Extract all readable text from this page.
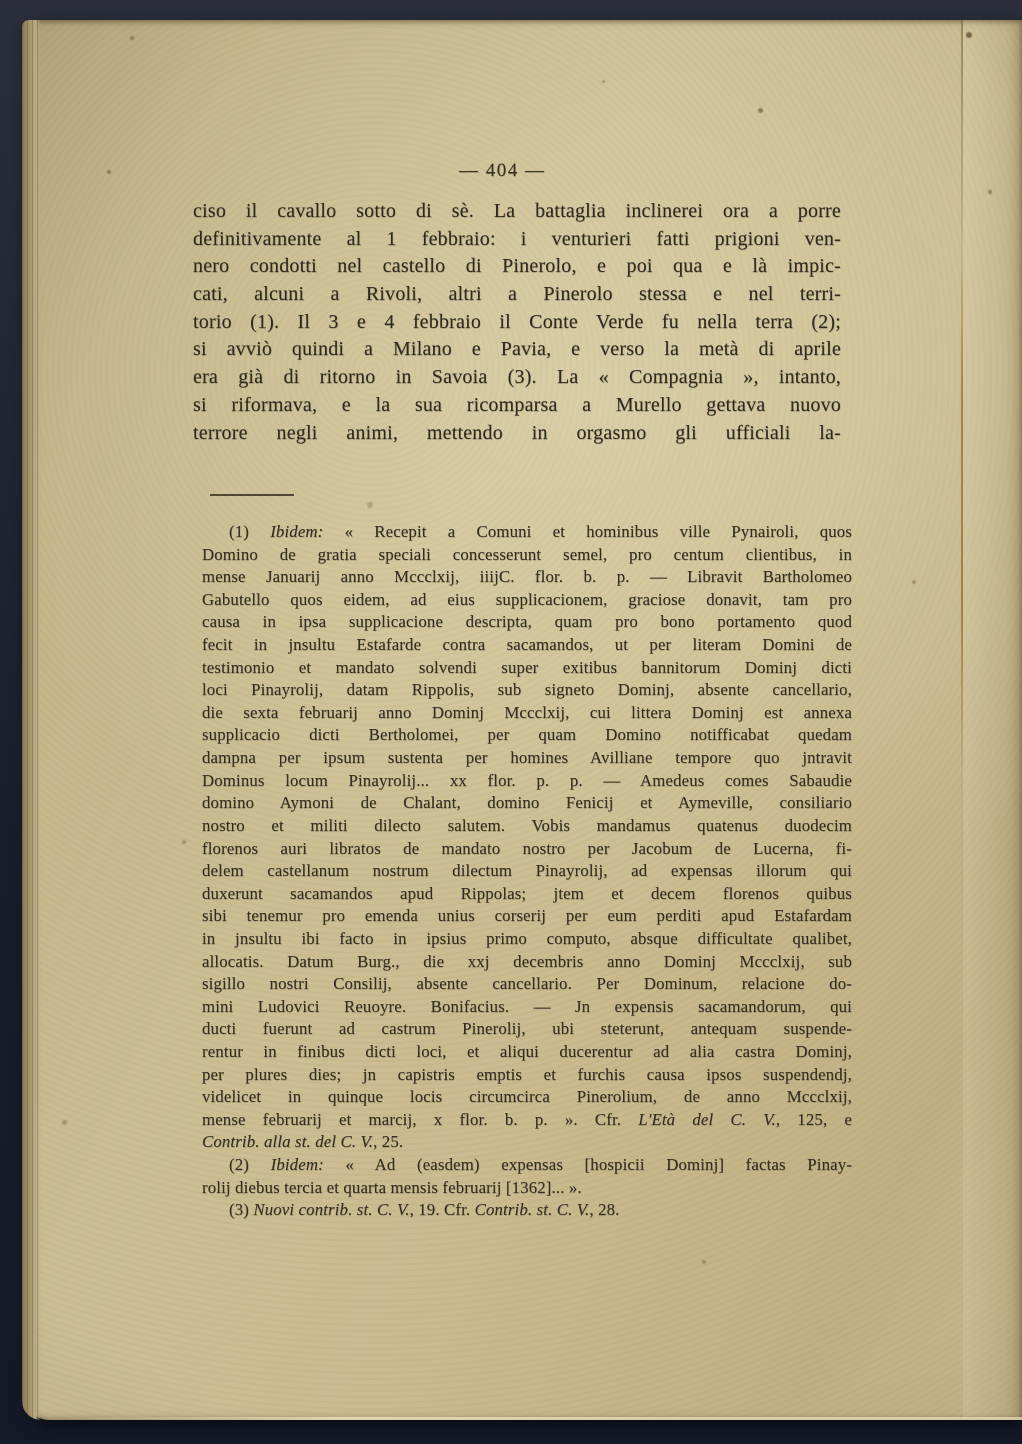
— 404 —
ciso il cavallo sotto di sè. La battaglia inclinerei ora a porre
definitivamente al 1 febbraio: i venturieri fatti prigioni ven-
nero condotti nel castello di Pinerolo, e poi qua e là impic-
cati, alcuni a Rivoli, altri a Pinerolo stessa e nel terri-
torio (1). Il 3 e 4 febbraio il Conte Verde fu nella terra (2);
si avviò quindi a Milano e Pavia, e verso la metà di aprile
era già di ritorno in Savoia (3). La « Compagnia », intanto,
si riformava, e la sua ricomparsa a Murello gettava nuovo
terrore negli animi, mettendo in orgasmo gli ufficiali la-
(1) Ibidem: « Recepit a Comuni et hominibus ville Pynairoli, quos
Domino de gratia speciali concesserunt semel, pro centum clientibus, in
mense Januarij anno Mccclxij, iiijC. flor. b. p. — Libravit Bartholomeo
Gabutello quos eidem, ad eius supplicacionem, graciose donavit, tam pro
causa in ipsa supplicacione descripta, quam pro bono portamento quod
fecit in jnsultu Estafarde contra sacamandos, ut per literam Domini de
testimonio et mandato solvendi super exitibus bannitorum Dominj dicti
loci Pinayrolij, datam Rippolis, sub signeto Dominj, absente cancellario,
die sexta februarij anno Dominj Mccclxij, cui littera Dominj est annexa
supplicacio dicti Bertholomei, per quam Domino notifficabat quedam
dampna per ipsum sustenta per homines Avilliane tempore quo jntravit
Dominus locum Pinayrolij... xx flor. p. p. — Amedeus comes Sabaudie
domino Aymoni de Chalant, domino Fenicij et Aymeville, consiliario
nostro et militi dilecto salutem. Vobis mandamus quatenus duodecim
florenos auri libratos de mandato nostro per Jacobum de Lucerna, fi-
delem castellanum nostrum dilectum Pinayrolij, ad expensas illorum qui
duxerunt sacamandos apud Rippolas; jtem et decem florenos quibus
sibi tenemur pro emenda unius corserij per eum perditi apud Estafardam
in jnsultu ibi facto in ipsius primo computo, absque difficultate qualibet,
allocatis. Datum Burg., die xxj decembris anno Dominj Mccclxij, sub
sigillo nostri Consilij, absente cancellario. Per Dominum, relacione do-
mini Ludovici Reuoyre. Bonifacius. — Jn expensis sacamandorum, qui
ducti fuerunt ad castrum Pinerolij, ubi steterunt, antequam suspende-
rentur in finibus dicti loci, et aliqui ducerentur ad alia castra Dominj,
per plures dies; jn capistris emptis et furchis causa ipsos suspendendj,
videlicet in quinque locis circumcirca Pinerolium, de anno Mccclxij,
mense februarij et marcij, x flor. b. p. ». Cfr. L'Età del C. V., 125, e
Contrib. alla st. del C. V., 25.
(2) Ibidem: « Ad (easdem) expensas [hospicii Dominj] factas Pinay-
rolij diebus tercia et quarta mensis februarij [1362]... ».
(3) Nuovi contrib. st. C. V., 19. Cfr. Contrib. st. C. V., 28.
